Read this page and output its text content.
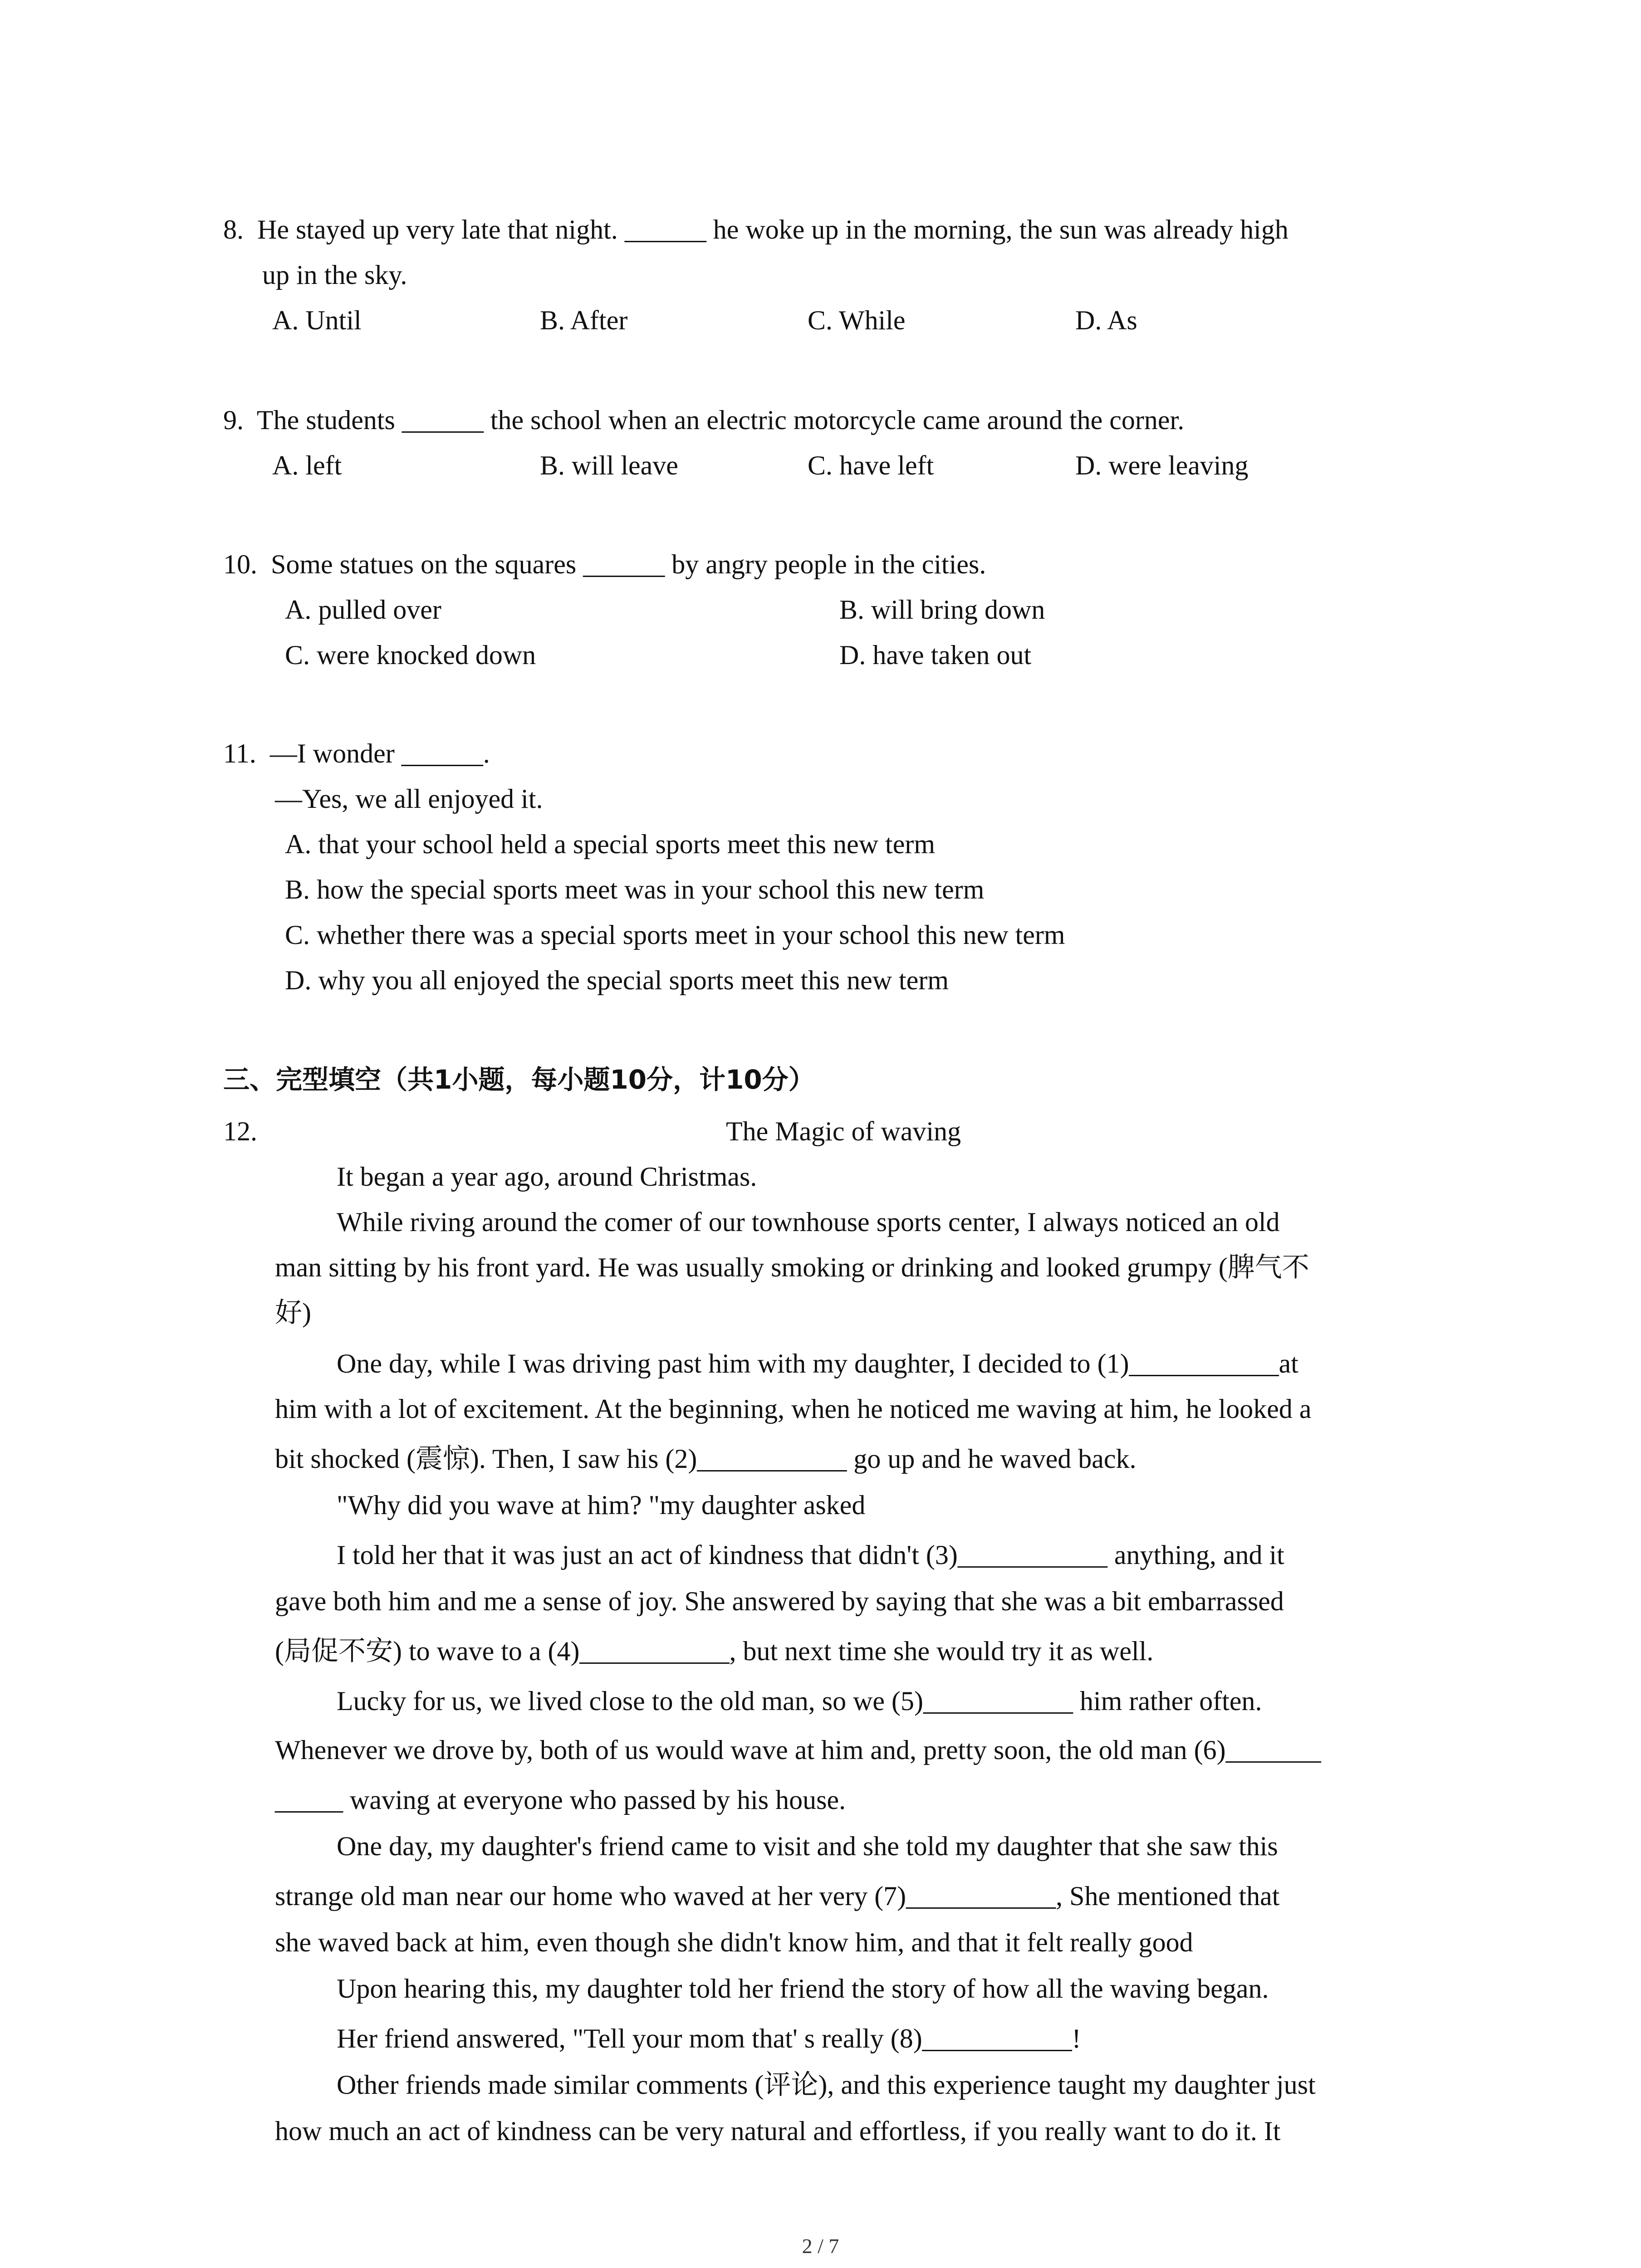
8.  He stayed up very late that night. ______ he woke up in the morning, the sun was already high
up in the sky.
A. Until	B. After	C. While	D. As
9.  The students ______ the school when an electric motorcycle came around the corner.
A. left	B. will leave	C. have left	D. were leaving
10.  Some statues on the squares ______ by angry people in the cities.
A. pulled over	B. will bring down
C. were knocked down	D. have taken out
11.  —I wonder ______.
—Yes, we all enjoyed it.
A. that your school held a special sports meet this new term
B. how the special sports meet was in your school this new term
C. whether there was a special sports meet in your school this new term
D. why you all enjoyed the special sports meet this new term
三、完型填空（共1小题，每小题10分，计10分）
12.	The Magic of waving
It began a year ago, around Christmas.
While riving around the comer of our townhouse sports center, I always noticed an old
man sitting by his front yard. He was usually smoking or drinking and looked grumpy (脾气不
好)
One day, while I was driving past him with my daughter, I decided to (1)___________at
him with a lot of excitement. At the beginning, when he noticed me waving at him, he looked a
bit shocked (震惊). Then, I saw his (2)___________ go up and he waved back.
"Why did you wave at him? "my daughter asked
I told her that it was just an act of kindness that didn't (3)___________ anything, and it
gave both him and me a sense of joy. She answered by saying that she was a bit embarrassed
(局促不安) to wave to a (4)___________, but next time she would try it as well.
Lucky for us, we lived close to the old man, so we (5)___________ him rather often.
Whenever we drove by, both of us would wave at him and, pretty soon, the old man (6)_______
_____ waving at everyone who passed by his house.
One day, my daughter's friend came to visit and she told my daughter that she saw this
strange old man near our home who waved at her very (7)___________, She mentioned that
she waved back at him, even though she didn't know him, and that it felt really good
Upon hearing this, my daughter told her friend the story of how all the waving began.
Her friend answered, "Tell your mom that' s really (8)___________!
Other friends made similar comments (评论), and this experience taught my daughter just
how much an act of kindness can be very natural and effortless, if you really want to do it. It
2 / 7
